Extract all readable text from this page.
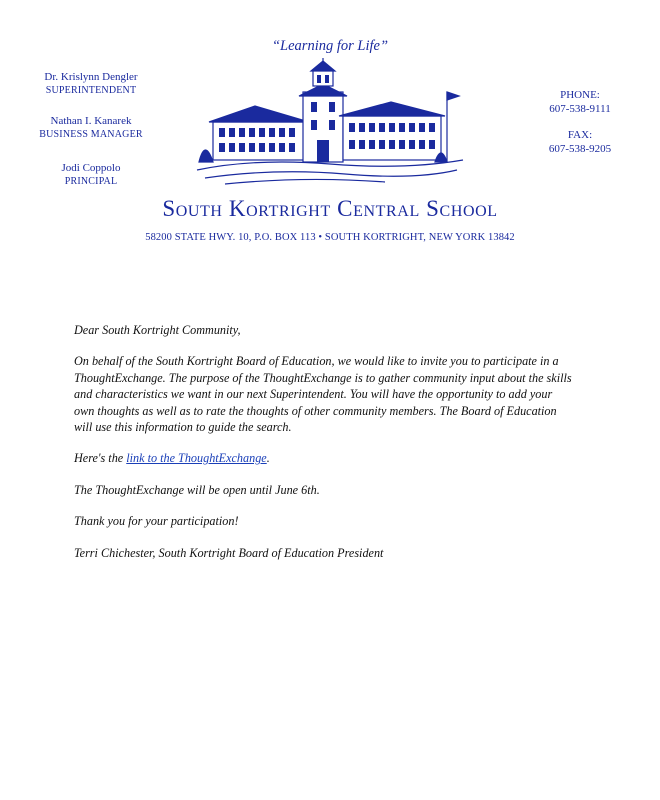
“Learning for Life”
Dr. Krislynn Dengler
SUPERINTENDENT
Nathan I. Kanarek
BUSINESS MANAGER
Jodi Coppolo
PRINCIPAL
PHONE:
607-538-9111
FAX:
607-538-9205
South Kortright Central School
58200 STATE HWY. 10, P.O. BOX 113 • SOUTH KORTRIGHT, NEW YORK 13842

Dear South Kortright Community,

On behalf of the South Kortright Board of Education, we would like to invite you to participate in a ThoughtExchange. The purpose of the ThoughtExchange is to gather community input about the skills and characteristics we want in our next Superintendent. You will have the opportunity to add your own thoughts as well as to rate the thoughts of other community members. The Board of Education will use this information to guide the search.

Here's the link to the ThoughtExchange.

The ThoughtExchange will be open until June 6th.

Thank you for your participation!

Terri Chichester, South Kortright Board of Education President
